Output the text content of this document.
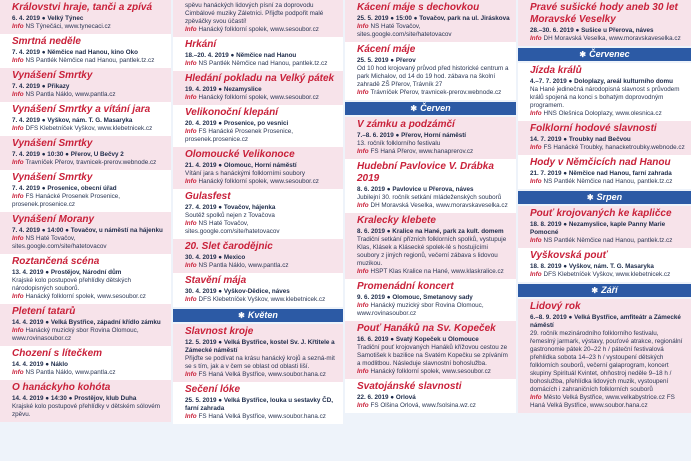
Královstvi hraje, tanči a zpívá
6. 4. 2019 ● Velký Týnec
Info NS Týnečáci, www.tynecaci.cz
Smrtná neděle
7. 4. 2019 ● Němčice nad Hanou, kino Oko
Info NS Pantlék Němčice nad Hanou, pantlek.tz.cz
Vynášení Smrtky
7. 4. 2019 ● Přikazy
Info NS Pantla Náklo, www.pantla.cz
Vynášení Smrtky a vítání jara
7. 4. 2019 ● Vyškov, nám. T. G. Masaryka
Info DFS Klebetníček Vyškov, www.klebetnicek.cz
Vynášení Smrtky
7. 4. 2019 ● 10:30 ● Přerov, U Bečvy 2
Info Travníček Přerov, travnicek-prerov.webnode.cz
Vynášení Smrtky
7. 4. 2019 ● Prosenice, obecní úřad
Info FS Hanácké Prosenek Prosenice, prosenek.prosenice.cz
Vynášení Morany
7. 4. 2019 ● 14:00 ● Tovačov, u náměstí na hájenku
Info NS Haté Tovačov, sites.google.com/site/hatetovacov
Roztančená scéna
13. 4. 2019 ● Prostějov, Národní dům
Krajské kolo postupové přehlídky dětských národopisných souborů.
Info Hanácký folklorní spolek, www.sesoubor.cz
Pletení tatarů
14. 4. 2019 ● Velká Bystřice, západní křídlo zámku
Info Hanácký muzický sbor Rovina Olomouc, www.rovinasoubor.cz
Chození s lítečkem
14. 4. 2019 ● Náklo
Info NS Pantla Náklo, www.pantla.cz
O hanáckyho kohóta
14. 4. 2019 ● 14:30 ● Prostějov, klub Duha
Krajské kolo postupové přehlídky v dětském sólovém zpěvu.
spěvu hanáckých lidových písní za doprovodu Cimbálové muziky Záletníci. Přijďte podpořit malé zpěváčky svou účastí!
Info Hanácký folklorní spolek, www.sesoubor.cz
Hrkání
18.–20. 4. 2019 ● Němčice nad Hanou
Info NS Pantlék Němčice nad Hanou, pantlek.tz.cz
Hledání pokladu na Velký pátek
19. 4. 2019 ● Nezamyslice
Info Hanácký folklorní spolek, www.sesoubor.cz
Velikonoční klepání
20. 4. 2019 ● Prosenice, po vesnici
Info FS Hanácké Prosenek Prosenice, prosenek.prosenice.cz
Olomoucké Velikonoce
21. 4. 2019 ● Olomouc, Horní náměstí
Vítání jara s hanáckými folklorními soubory
Info Hanácký folklorní spolek, www.sesoubor.cz
Gulasfest
27. 4. 2019 ● Tovačov, hájenka
Soutěž spolků nejen z Tovačova
Info NS Haté Tovačov, sites.google.com/site/hatetovacov
20. Slet čarodějnic
30. 4. 2019 ● Mexico
Info NS Pantla Náklo, www.pantla.cz
Stavění mája
30. 4. 2019 ● Vyškov-Dědice, náves
Info DFS Klebetníček Vyškov, www.klebetnicek.cz
✱ Květen
Slavnost kroje
12. 5. 2019 ● Velká Bystřice, kostel Sv. J. Křtitele a Zámecké náměstí
Přijďte se podívat na krásu hanácký krojů a sezná-mit se s tím, jak a v čem se oblast od oblasti liší.
Info FS Haná Velká Bystřice, www.soubor.hana.cz
Sečení lóke
25. 5. 2019 ● Velká Bystřice, louka u sestavky ČD, farní zahrada
Info FS Haná Velká Bystřice, www.soubor.hana.cz
Kácení máje s dechovkou
25. 5. 2019 ● 15:00 ● Tovačov, park na ul. Jiráskova
Info NS Haté Tovačov, sites.google.com/site/hatetovacov
Kácení máje
25. 5. 2019 ● Přerov
Od 10 hod krojovaný průvod před historické centrum a park Michalov, od 14 do 19 hod. zábava na školní zahradě ZŠ Přerov, Trávník 27
Info Trávníček Přerov, travnicek-prerov.webnode.cz
✱ Červen
V zámku a podzámčí
7.–8. 6. 2019 ● Přerov, Horní náměstí
13. ročník folklorního festivalu
Info FS Haná Přerov, www.hanaprerov.cz
Hudební Pavlovice V. Drábka 2019
8. 6. 2019 ● Pavlovice u Přerova, náves
Jubilejní 30. ročník setkání mládeženských souborů
Info DH Moravská Veselka, www.moravskaveselka.cz
Kralecky klebete
8. 6. 2019 ● Kralice na Hané, park za kult. domem
Tradiční setkání přízních folklorních spolků, vystupuje Klas, Klásek a Klásecké spolek-lé s hostujícími soubory z jiných regionů, večerní zábava s lidovou muzikou.
Info HSPT Klas Kralice na Hané, www.klaskralice.cz
Promenádní koncert
9. 6. 2019 ● Olomouc, Smetanovy sady
Info Hanácký muzický sbor Rovina Olomouc, www.rovinasoubor.cz
Pouť Hanáků na Sv. Kopeček
16. 6. 2019 ● Svatý Kopeček u Olomouce
Tradiční pouť krojovaných Hanáků křížovou cestou ze Samotišek k bazilice na Svatém Kopečku se zpíváním a modlitbou. Následuje slavnostní bohoslužba.
Info Hanácký folklorní spolek, www.sesoubor.cz
Svatojánské slavnosti
22. 6. 2019 ● Orlová
Info FS Olšina Orlová, www.fsolsina.wz.cz
Pravé sušické hody aneb 30 let Moravské Veselky
28.–30. 6. 2019 ● Sušice u Přerova, náves
Info DH Moravská Veselka, www.moravskaveselka.cz
✱ Červenec
Jízda králů
4.–7. 7. 2019 ● Doloplazy, areál kulturního domu
Na Hané jedinečná národopisná slavnost s průvodem králů spojená na konci s bohatým doprovodným programem.
Info HNS Olešnica Doloplazy, www.olesnica.cz
Folklorní hodové slavnosti
14. 7. 2019 ● Troubky nad Bečvou
Info FS Hanácké Troubky, hanacketroubky.webnode.cz
Hody v Němčicích nad Hanou
21. 7. 2019 ● Němčice nad Hanou, farní zahrada
Info NS Pantlék Němčice nad Hanou, pantlek.tz.cz
✱ Srpen
Pouť krojovaných ke kapličce
18. 8. 2019 ● Nezamyslice, kaple Panny Marie Pomocné
Info NS Pantlék Němčice nad Hanou, pantlek.tz.cz
Vyškovská pouť
18. 8. 2019 ● Vyškov, nám. T. G. Masaryka
Info DFS Klebetníček Vyškov, www.klebetnicek.cz
✱ Září
Lidový rok
6.–8. 9. 2019 ● Velká Bystřice, amfiteátr a Zámecké náměstí
29. ročník mezinárodního folklorního festivalu, řemeslný jarmark, výstavy, pouťové atrakce, regionální gastronomie pátek 20–22 h / páteční festivalová přehlídka sobota 14–23 h / vystoupení dětských folklorních souborů, večerní galaprogram, koncert skupiny Spirituál Kvintet, ohňostroj neděle 9–18 h / bohoslužba, přehlídka lidových muzik, vystoupení domácích i zahraničních folklorních souborů
Info Město Velká Bystřice, www.velkabystrice.cz FS Haná Velká Bystřice, www.soubor.hana.cz
